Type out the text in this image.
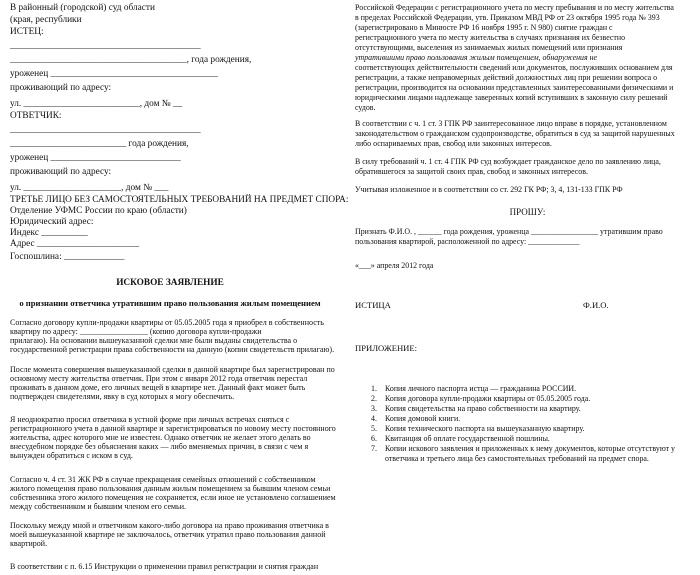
В районный (городской) суд области
(края, республики
ИСТЕЦ:
_________________________________________
______________________________________, года рождения,
уроженец ____________________________________
проживающий по адресу:
ул. _________________________, дом № __
ОТВЕТЧИК:
_________________________________________
_________________________ года рождения,
уроженец ____________________________
проживающий по адресу:
ул. _____________________, дом № ___
ТРЕТЬЕ ЛИЦО БЕЗ САМОСТОЯТЕЛЬНЫХ ТРЕБОВАНИЙ НА ПРЕДМЕТ СПОРА:
Отделение УФМС России по краю (области)
Юридический адрес:
Индекс __________
Адрес ______________________
Госпошлина: _____________
ИСКОВОЕ ЗАЯВЛЕНИЕ
о признании ответчика утратившим право пользования жилым помещением
Согласно договору купли-продажи квартиры от 05.05.2005 года я приобрел в собственность
квартиру по адресу: _________________ (копию договора купли-продажи
прилагаю). На основании вышеуказанной сделки мне были выданы свидетельства о
государственной регистрации права собственности на данную (копии свидетельств прилагаю).
После момента совершения вышеуказанной сделки в данной квартире был зарегистрирован по
основному месту жительства ответчик. При этом с января 2012 года ответчик перестал
проживать в данном доме, его личных вещей в квартире нет. Данный факт может быть
подтвержден свидетелями, явку в суд которых я могу обеспечить.
Я неоднократно просил ответчика в устной форме при личных встречах сняться с
регистрационного учета в данной квартире и зарегистрироваться по новому месту постоянного
жительства, адрес которого мне не известен. Однако ответчик не желает этого делать во
внесудебном порядке без объяснения каких — либо вменяемых причин, в связи с чем я
вынужден обратиться с иском в суд.
Согласно ч. 4 ст. 31 ЖК РФ в случае прекращения семейных отношений с собственником
жилого помещения право пользования данным жилым помещением за бывшим членом семьи
собственника этого жилого помещения не сохраняется, если иное не установлено соглашением
между собственником и бывшим членом его семьи.
Поскольку между мной и ответчиком какого-либо договора на право проживания ответчика в
моей вышеуказанной квартире не заключалось, ответчик утратил право пользования данной
квартирой.
В соответствии с п. 6.15 Инструкции о применении правил регистрации и снятия граждан
Российской Федерации с регистрационного учета по месту пребывания и по месту жительства
в пределах Российской Федерации, утв. Приказом МВД РФ от 23 октября 1995 года № 393
(зарегистрировано в Минюсте РФ 16 ноября 1995 г. N 980) снятие граждан с
регистрационного учета по месту жительства в случаях признания их безвестно
отсутствующими, выселения из занимаемых жилых помещений или признания
утратившими право пользования жилым помещением, обнаружения не
соответствующих действительности сведений или документов, послуживших основанием для
регистрации, а также неправомерных действий должностных лиц при решении вопроса о
регистрации, производится на основании представленных заинтересованными физическими и
юридическими лицами надлежаще заверенных копий вступивших в законную силу решений
судов.
В соответствии с ч. 1 ст. 3 ГПК РФ заинтересованное лицо вправе в порядке, установленном
законодательством о гражданском судопроизводстве, обратиться в суд за защитой нарушенных
либо оспариваемых прав, свобод или законных интересов.
В силу требований ч. 1 ст. 4 ГПК РФ суд возбуждает гражданское дело по заявлению лица,
обратившегося за защитой своих прав, свобод и законных интересов.
Учитывая изложенное и в соответствии со ст. 292 ГК РФ; 3, 4, 131-133 ГПК РФ
ПРОШУ:
Признать Ф.И.О. , ______ года рождения, уроженца _________________ утратившим право
пользования квартирой, расположенной по адресу: _____________
«___» апреля 2012 года
ИСТИЦА	Ф.И.О.
ПРИЛОЖЕНИЕ:
1. Копия личного паспорта истца — гражданина РОССИИ.
2. Копия договора купли-продажи квартиры от 05.05.2005 года.
3. Копия свидетельства на право собственности на квартиру.
4. Копия домовой книги.
5. Копия технического паспорта на вышеуказанную квартиру.
6. Квитанция об оплате государственной пошлины.
7. Копии искового заявления и приложенных к нему документов, которые отсутствуют у
ответчика и третьего лица без самостоятельных требований на предмет спора.
